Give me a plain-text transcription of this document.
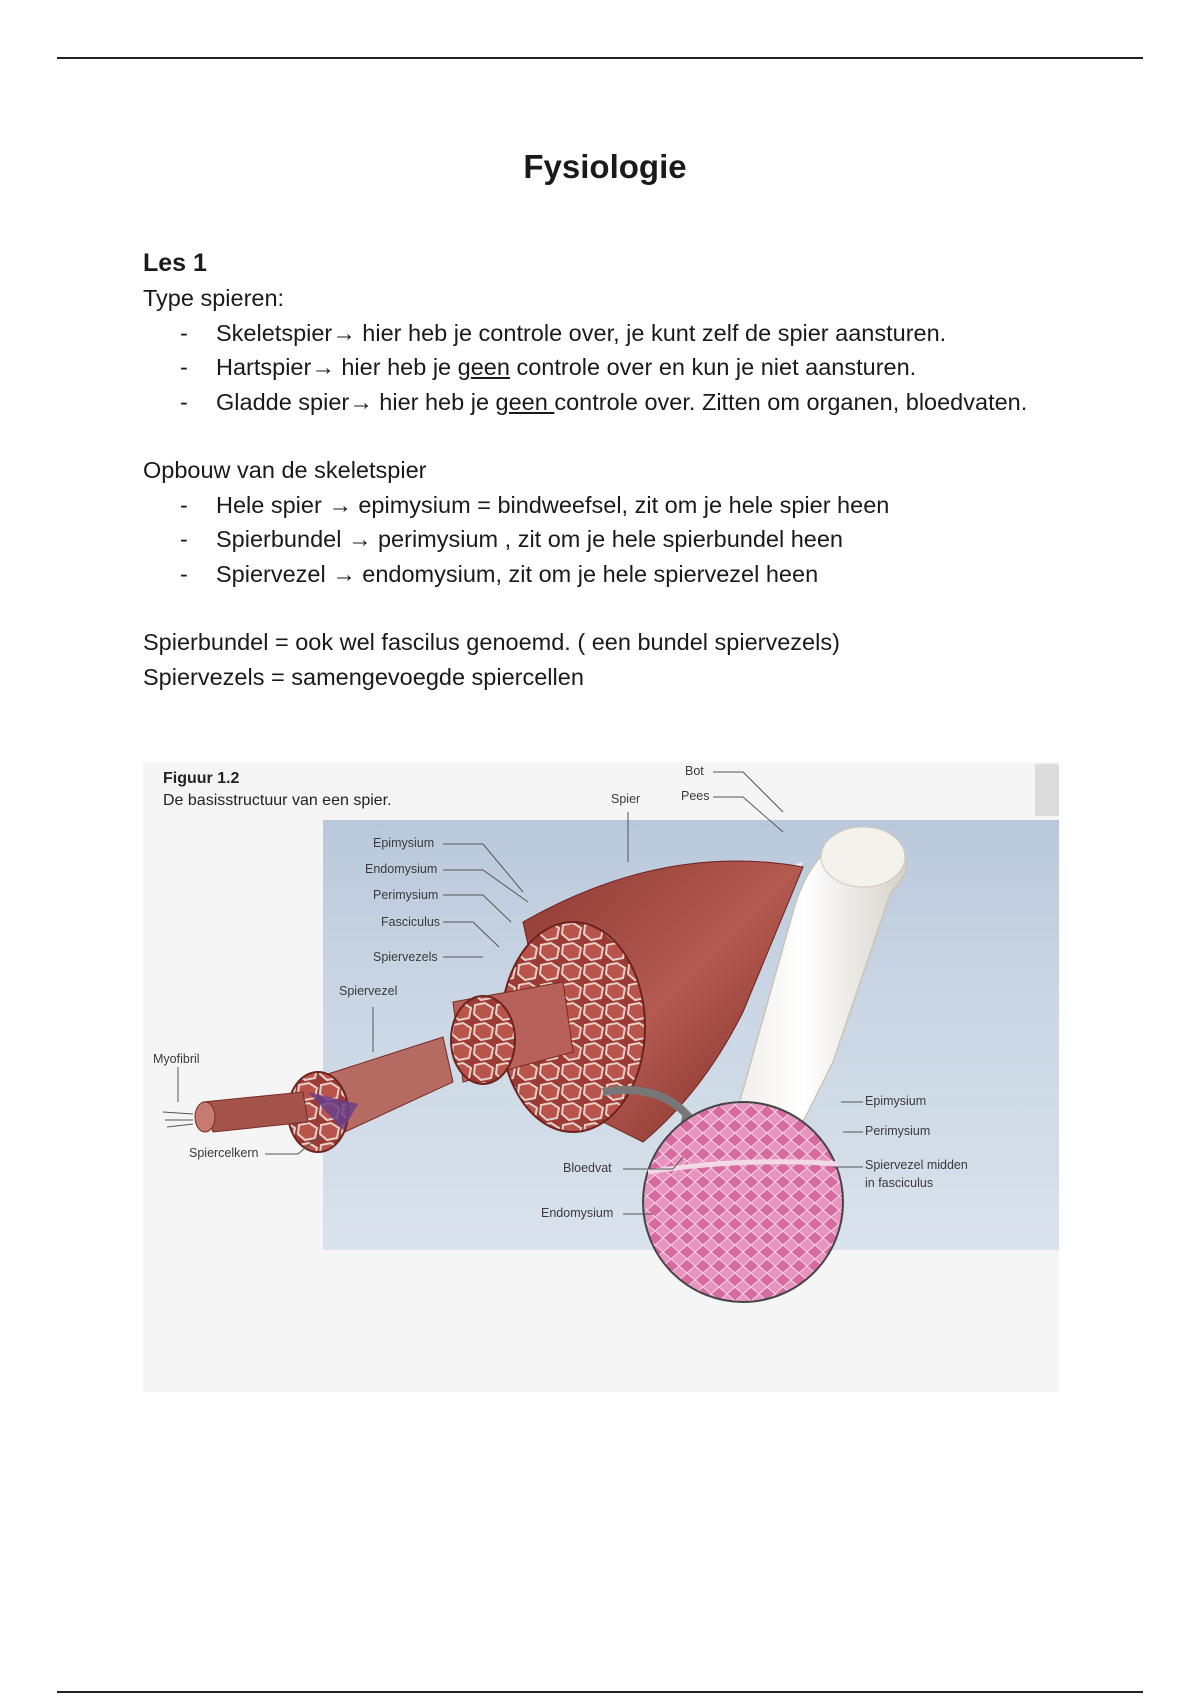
Fysiologie
Les 1
Type spieren:
- Skeletspier→ hier heb je controle over, je kunt zelf de spier aansturen.
- Hartspier→ hier heb je geen controle over en kun je niet aansturen.
- Gladde spier→ hier heb je geen controle over. Zitten om organen, bloedvaten.
Opbouw van de skeletspier
- Hele spier → epimysium = bindweefsel, zit om je hele spier heen
- Spierbundel → perimysium , zit om je hele spierbundel heen
- Spiervezel → endomysium, zit om je hele spiervezel heen
Spierbundel = ook wel fascilus genoemd. ( een bundel spiervezels)
Spiervezels = samengevoegde spiercellen
Figuur 1.2
De basisstructuur van een spier.
Bot
Pees
Spier
Epimysium
Endomysium
Perimysium
Fasciculus
Spiervezels
Spiervezel
Myofibril
Spiercelkern
Bloedvat
Endomysium
Epimysium
Perimysium
Spiervezel midden
in fasciculus
